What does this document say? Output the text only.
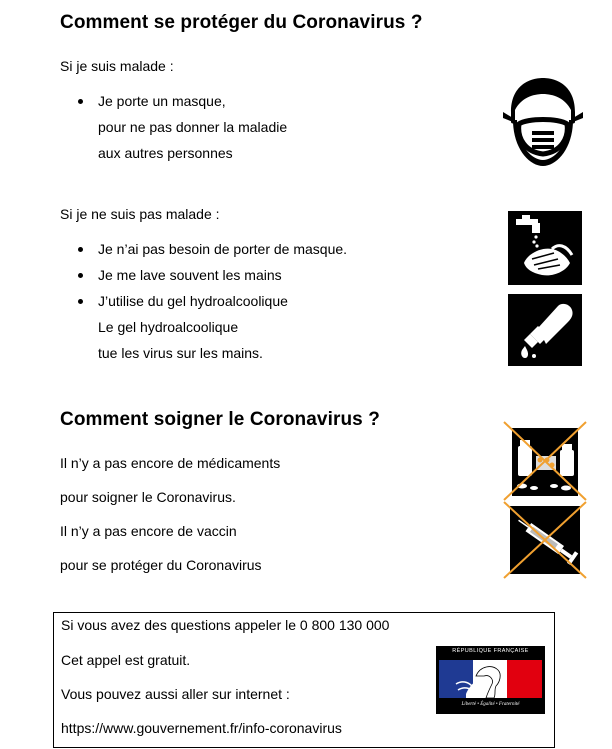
Comment se protéger du Coronavirus ?
Si je suis malade :
Je porte un masque,
pour ne pas donner la maladie
aux autres personnes
Si je ne suis pas malade :
Je n’ai pas besoin de porter de masque.
Je me lave souvent les mains
J’utilise du gel hydroalcoolique
Le gel hydroalcoolique
tue les virus sur les mains.
Comment soigner le Coronavirus ?
Il n’y a pas encore de médicaments
pour soigner le Coronavirus.
Il n’y a pas encore de vaccin
pour se protéger du Coronavirus
Si vous avez des questions appeler le 0 800 130 000
Cet appel est gratuit.
Vous pouvez aussi aller sur internet :
https://www.gouvernement.fr/info-coronavirus
RÉPUBLIQUE FRANÇAISE
Liberté • Égalité • Fraternité
